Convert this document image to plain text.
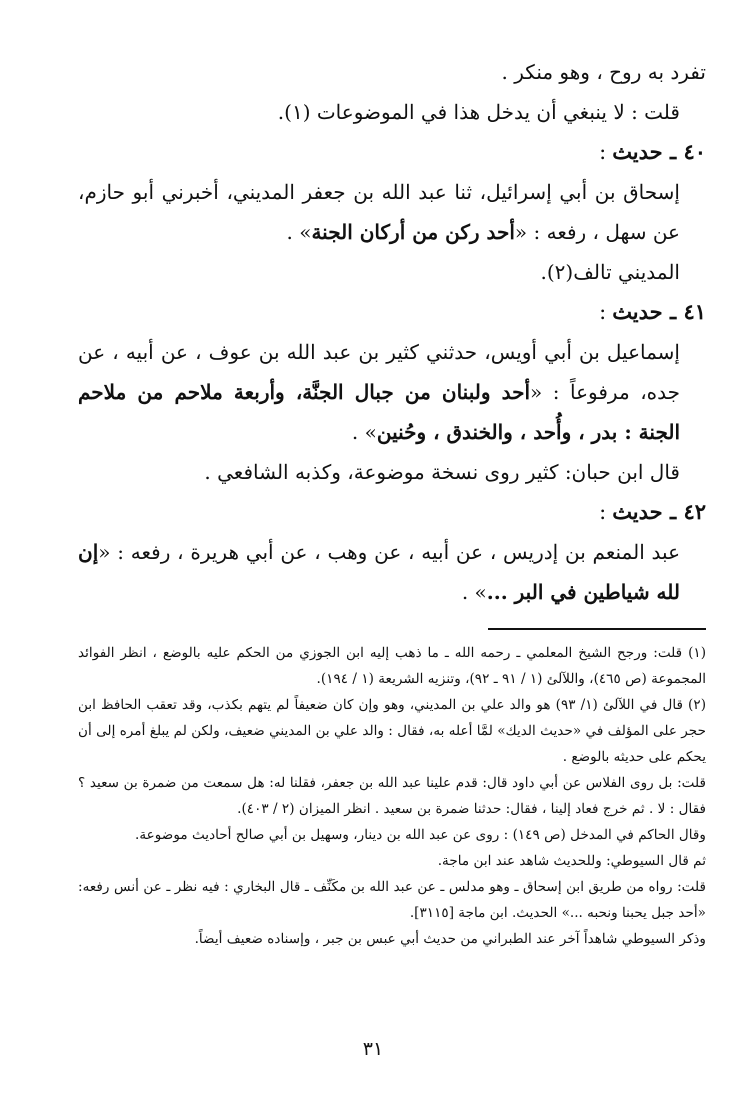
تفرد به روح ، وهو منكر .

قلت : لا ينبغي أن يدخل هذا في الموضوعات (١).

٤٠ ـ حديث:

إسحاق بن أبي إسرائيل، ثنا عبد الله بن جعفر المديني، أخبرني أبو حازم، عن سهل ، رفعه : «أحد ركن من أركان الجنة» .

المديني تالف(٢).

٤١ ـ حديث:

إسماعيل بن أبي أويس، حدثني كثير بن عبد الله بن عوف ، عن أبيه ، عن جده، مرفوعاً : «أحد ولبنان من جبال الجنَّة، وأربعة ملاحم من ملاحم الجنة : بدر ، وأُحد ، والخندق ، وحُنين» .

قال ابن حبان: كثير روى نسخة موضوعة، وكذبه الشافعي .

٤٢ ـ حديث:

عبد المنعم بن إدريس ، عن أبيه ، عن وهب ، عن أبي هريرة ، رفعه : «إن لله شياطين في البر ...» .

(١) قلت: ورجح الشيخ المعلمي ـ رحمه الله ـ ما ذهب إليه ابن الجوزي من الحكم عليه بالوضع ، انظر الفوائد المجموعة (ص ٤٦٥)، واللآلئ (١ / ٩١ ـ ٩٢)، وتنزيه الشريعة (١ / ١٩٤).

(٢) قال في اللآلئ (١/ ٩٣) هو والد علي بن المديني، وهو وإن كان ضعيفاً لم يتهم بكذب، وقد تعقب الحافظ ابن حجر على المؤلف في «حديث الديك» لمَّا أعله به، فقال : والد علي بن المديني ضعيف، ولكن لم يبلغ أمره إلى أن يحكم على حديثه بالوضع .

قلت: بل روى الفلاس عن أبي داود قال: قدم علينا عبد الله بن جعفر، فقلنا له: هل سمعت من ضمرة بن سعيد ؟ فقال : لا . ثم خرج فعاد إلينا ، فقال: حدثنا ضمرة بن سعيد . انظر الميزان (٢ / ٤٠٣).

وقال الحاكم في المدخل (ص ١٤٩) : روى عن عبد الله بن دينار، وسهيل بن أبي صالح أحاديث موضوعة.

ثم قال السيوطي: وللحديث شاهد عند ابن ماجة.

قلت: رواه من طريق ابن إسحاق ـ وهو مدلس ـ عن عبد الله بن مكَنِّف ـ قال البخاري : فيه نظر ـ عن أنس رفعه: «أحد جبل يحبنا ونحبه ...» الحديث. ابن ماجة [٣١١٥].

وذكر السيوطي شاهداً آخر عند الطبراني من حديث أبي عبس بن جبر ، وإسناده ضعيف أيضاً.

٣١
